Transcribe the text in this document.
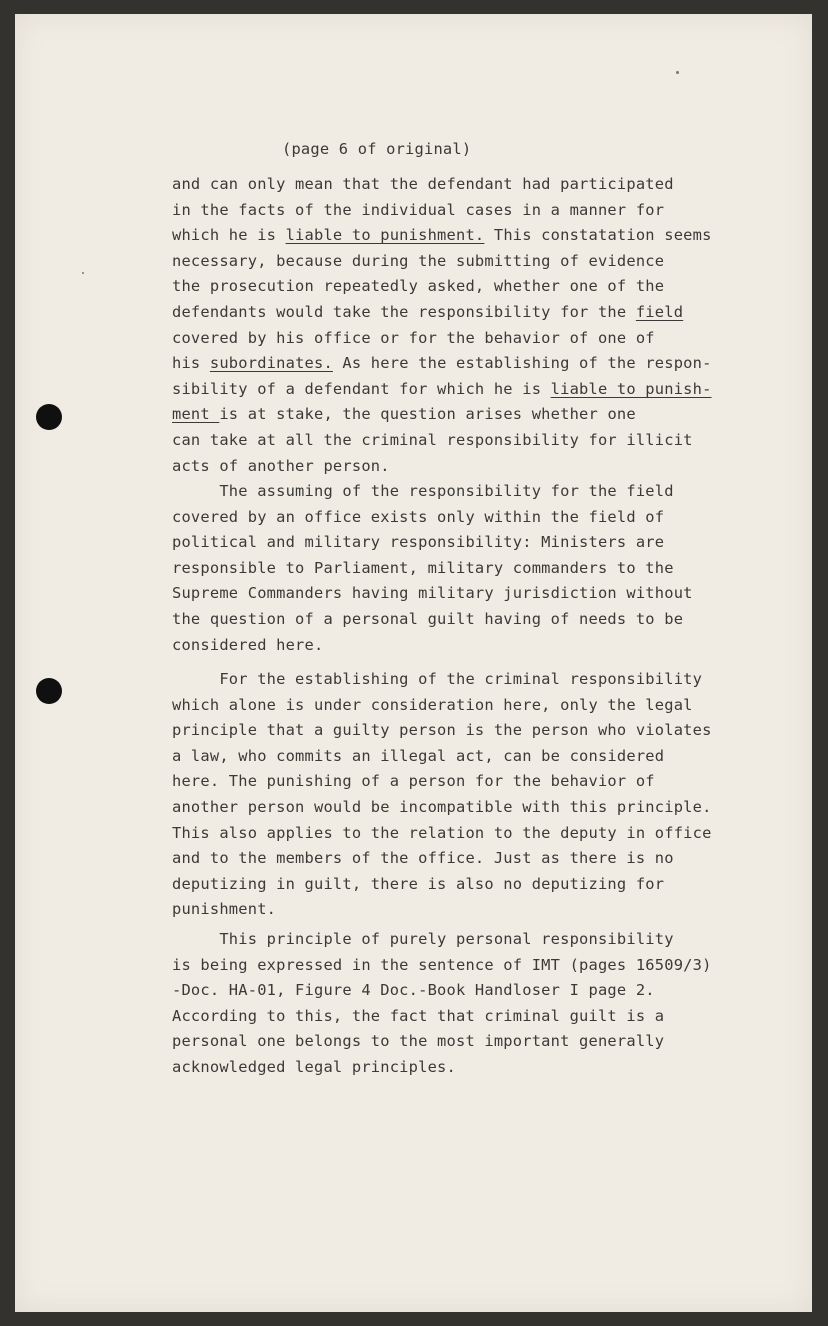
(page 6 of original)

and can only mean that the defendant had participated
in the facts of the individual cases in a manner for
which he is liable to punishment. This constatation seems
necessary, because during the submitting of evidence
the prosecution repeatedly asked, whether one of the
defendants would take the responsibility for the field
covered by his office or for the behavior of one of
his subordinates. As here the establishing of the respon-
sibility of a defendant for which he is liable to punish-
ment is at stake, the question arises whether one
can take at all the criminal responsibility for illicit
acts of another person.
The assuming of the responsibility for the field
covered by an office exists only within the field of
political and military responsibility: Ministers are
responsible to Parliament, military commanders to the
Supreme Commanders having military jurisdiction without
the question of a personal guilt having of needs to be
considered here.
For the establishing of the criminal responsibility
which alone is under consideration here, only the legal
principle that a guilty person is the person who violates
a law, who commits an illegal act, can be considered
here. The punishing of a person for the behavior of
another person would be incompatible with this principle.
This also applies to the relation to the deputy in office
and to the members of the office. Just as there is no
deputizing in guilt, there is also no deputizing for
punishment.
This principle of purely personal responsibility
is being expressed in the sentence of IMT (pages 16509/3)
-Doc. HA-01, Figure 4 Doc.-Book Handloser I page 2.
According to this, the fact that criminal guilt is a
personal one belongs to the most important generally
acknowledged legal principles.
